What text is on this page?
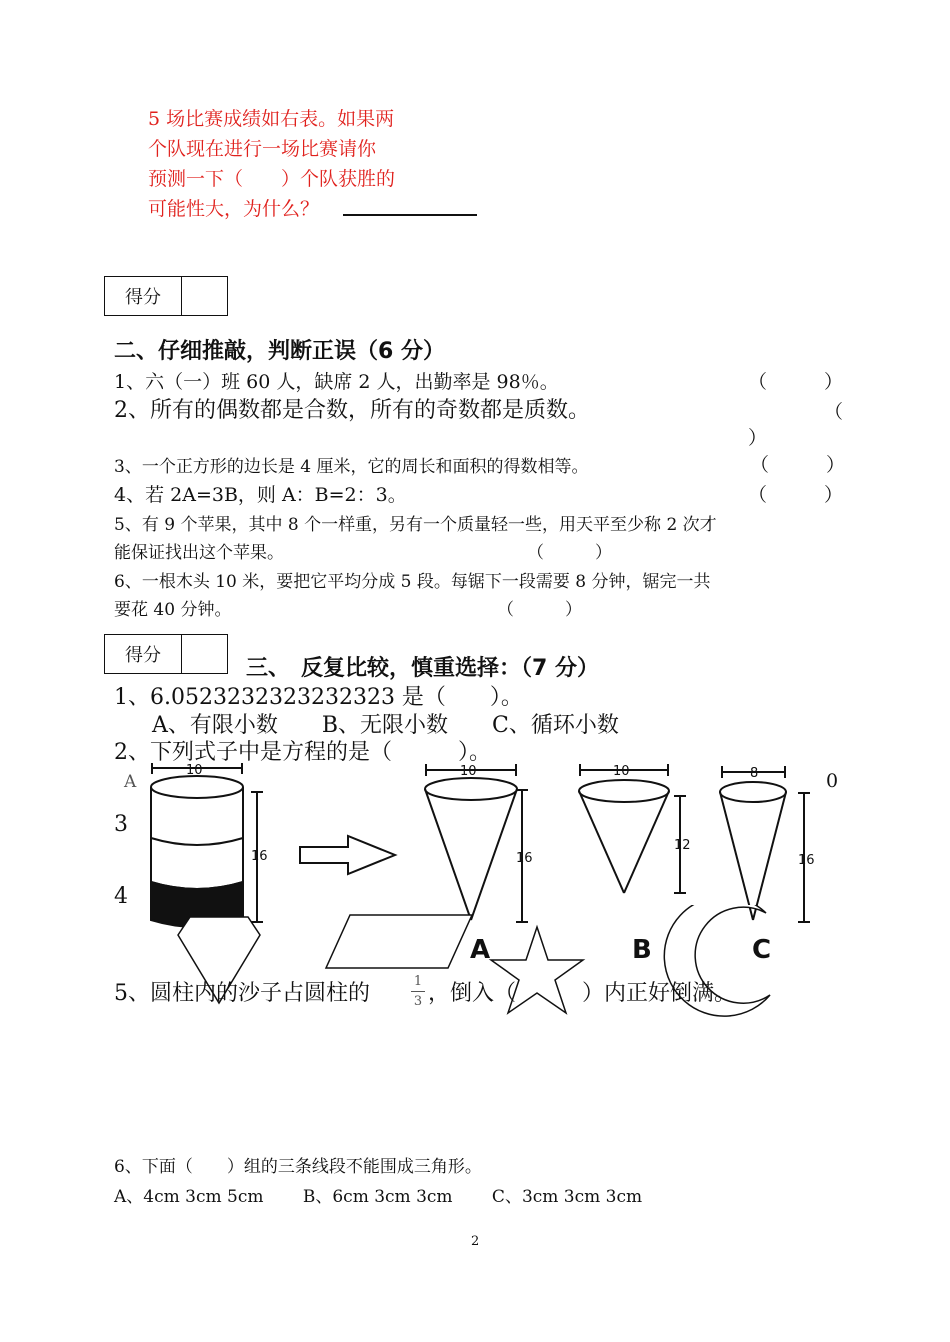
5 场比赛成绩如右表。如果两
个队现在进行一场比赛请你
预测一下（　　）个队获胜的
可能性大，为什么？
得分
二、仔细推敲，判断正误（6 分）
1、六（一）班 60 人，缺席 2 人，出勤率是 98％。	（　　　）
2、所有的偶数都是合数，所有的奇数都是质数。	（
）
3、一个正方形的边长是 4 厘米，它的周长和面积的得数相等。	（　　　）
4、若 2A=3B，则 A：B=2：3。	（　　　）
5、有 9 个苹果，其中 8 个一样重，另有一个质量轻一些，用天平至少称 2 次才
能保证找出这个苹果。	（　　　）
6、一根木头 10 米，要把它平均分成 5 段。每锯下一段需要 8 分钟，锯完一共
要花 40 分钟。	（　　　）
得分
三、　反复比较，慎重选择：（7 分）
1、6.0523232323232323 是（　　）。
A、有限小数　　B、无限小数　　C、循环小数
2、下列式子中是方程的是（　　　）。
A	0
3
4
10
16
10
16
10
12
8
16
A	B	C
5、圆柱内的沙子占圆柱的	1
3 ，倒入（　　　）内正好倒满。
6、下面（　　）组的三条线段不能围成三角形。
A、4cm 3cm 5cm　　 B、6cm 3cm 3cm　　 C、3cm 3cm 3cm
2
